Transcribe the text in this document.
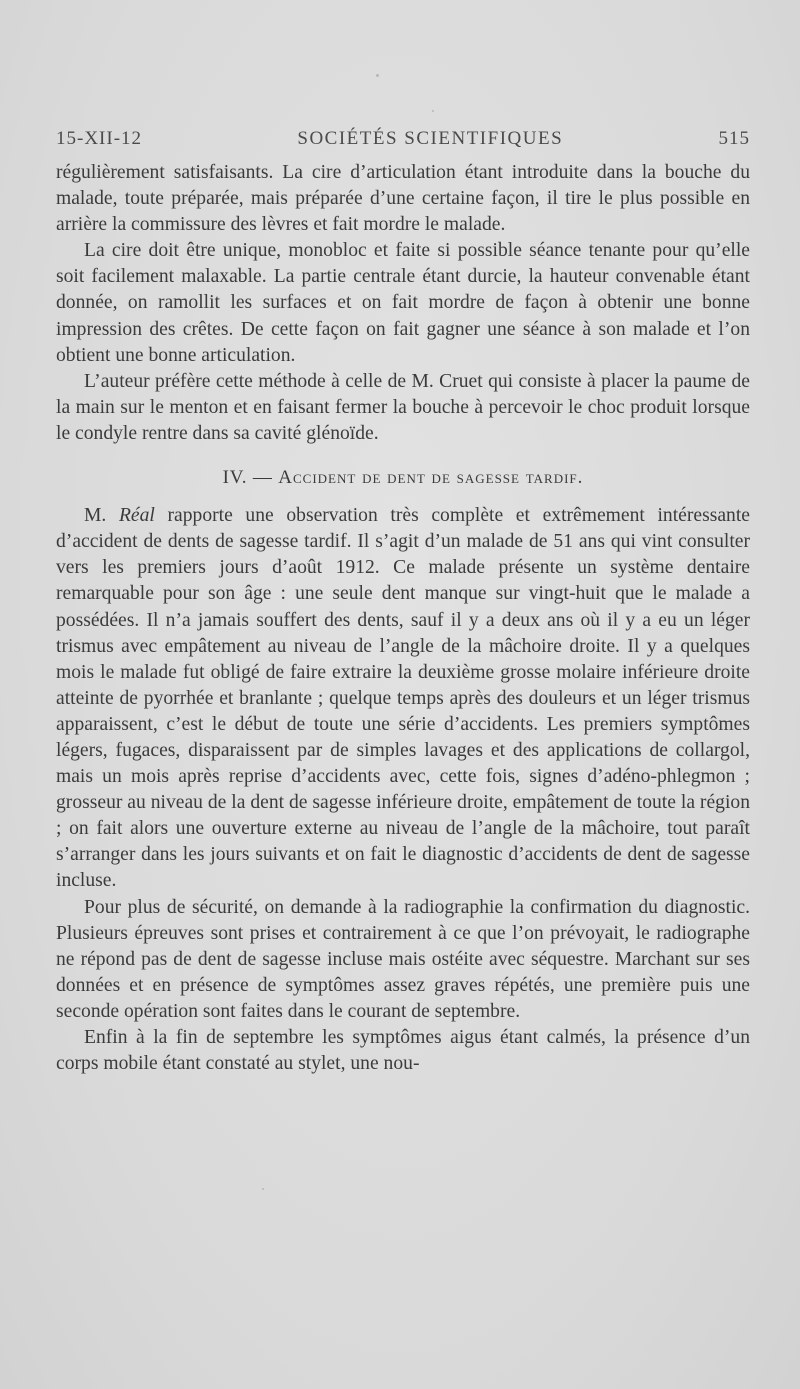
15-XII-12	SOCIÉTÉS SCIENTIFIQUES	515

régulièrement satisfaisants. La cire d’articulation étant introduite dans la bouche du malade, toute préparée, mais préparée d’une certaine façon, il tire le plus possible en arrière la commissure des lèvres et fait mordre le malade.

La cire doit être unique, monobloc et faite si possible séance tenante pour qu’elle soit facilement malaxable. La partie centrale étant durcie, la hauteur convenable étant donnée, on ramollit les surfaces et on fait mordre de façon à obtenir une bonne impression des crêtes. De cette façon on fait gagner une séance à son malade et l’on obtient une bonne articulation.

L’auteur préfère cette méthode à celle de M. Cruet qui consiste à placer la paume de la main sur le menton et en faisant fermer la bouche à percevoir le choc produit lorsque le condyle rentre dans sa cavité glénoïde.

IV. — Accident de dent de sagesse tardif.

M. Réal rapporte une observation très complète et extrêmement intéressante d’accident de dents de sagesse tardif. Il s’agit d’un malade de 51 ans qui vint consulter vers les premiers jours d’août 1912. Ce malade présente un système dentaire remarquable pour son âge : une seule dent manque sur vingt-huit que le malade a possédées. Il n’a jamais souffert des dents, sauf il y a deux ans où il y a eu un léger trismus avec empâtement au niveau de l’angle de la mâchoire droite. Il y a quelques mois le malade fut obligé de faire extraire la deuxième grosse molaire inférieure droite atteinte de pyorrhée et branlante ; quelque temps après des douleurs et un léger trismus apparaissent, c’est le début de toute une série d’accidents. Les premiers symptômes légers, fugaces, disparaissent par de simples lavages et des applications de collargol, mais un mois après reprise d’accidents avec, cette fois, signes d’adéno-phlegmon ; grosseur au niveau de la dent de sagesse inférieure droite, empâtement de toute la région ; on fait alors une ouverture externe au niveau de l’angle de la mâchoire, tout paraît s’arranger dans les jours suivants et on fait le diagnostic d’accidents de dent de sagesse incluse.

Pour plus de sécurité, on demande à la radiographie la confirmation du diagnostic. Plusieurs épreuves sont prises et contrairement à ce que l’on prévoyait, le radiographe ne répond pas de dent de sagesse incluse mais ostéite avec séquestre. Marchant sur ses données et en présence de symptômes assez graves répétés, une première puis une seconde opération sont faites dans le courant de septembre.

Enfin à la fin de septembre les symptômes aigus étant calmés, la présence d’un corps mobile étant constaté au stylet, une nou-
